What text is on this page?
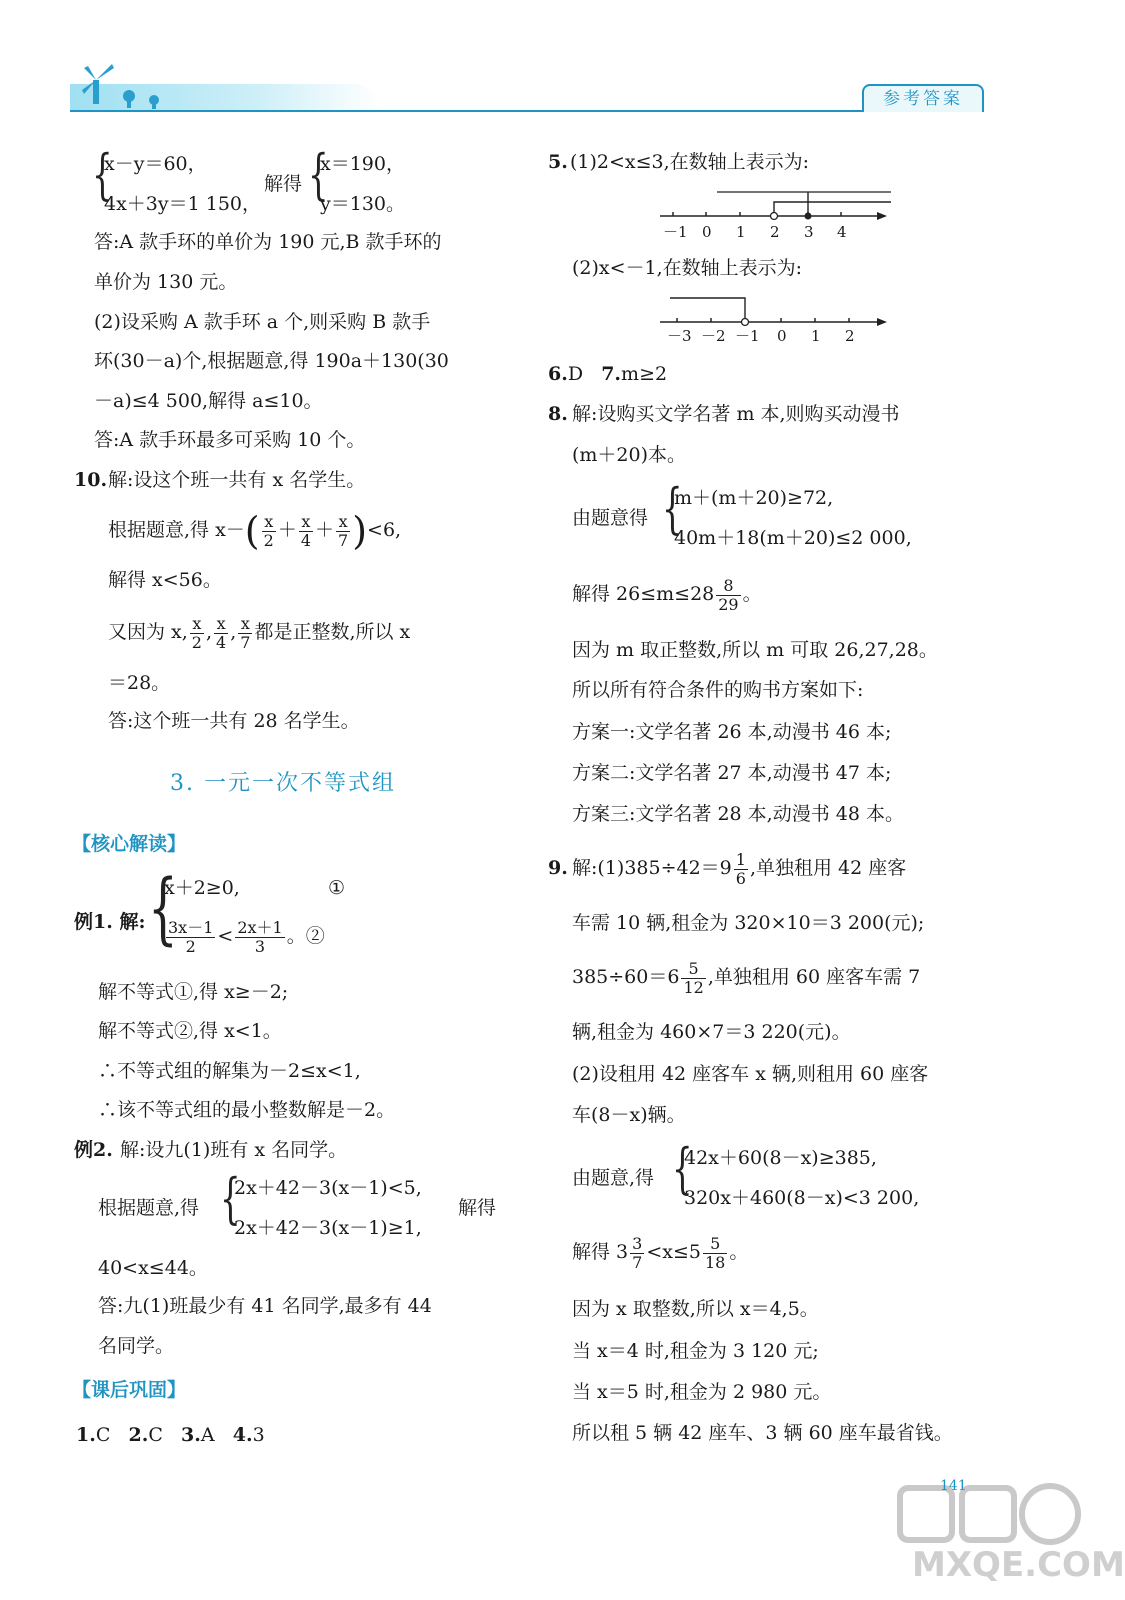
参考答案
{
x－y＝60，
4x＋3y＝1 150，
解得 {
x＝190，
y＝130。
答:A 款手环的单价为 190 元,B 款手环的
单价为 130 元。
(2)设采购 A 款手环 a 个,则采购 B 款手
环(30－a)个,根据题意,得 190a＋130(30
－a)≤4 500,解得 a≤10。
答:A 款手环最多可采购 10 个。
10. 解:设这个班一共有 x 名学生。
根据题意,得 $x-( \frac{x}{2} + \frac{x}{4} + \frac{x}{7} )<6$,
解得 x<56。
又因为 x, $\frac{x}{2}$ , $\frac{x}{4}$ , $\frac{x}{7}$ 都是正整数,所以 x
＝28。
答:这个班一共有 28 名学生。
3. 一元一次不等式组
【核心解读】
例1. 解: {
x＋2≥0,	①
$\frac{3x-1}{2} < \frac{2x+1}{3}$ 。②
解不等式①,得 x≥－2;
解不等式②,得 x<1。
∴不等式组的解集为－2≤x<1,
∴该不等式组的最小整数解是－2。
例2. 解:设九(1)班有 x 名同学。
根据题意,得 {
2x＋42－3(x－1)<5,
2x＋42－3(x－1)≥1,
解得
40<x≤44。
答:九(1)班最少有 41 名同学,最多有 44
名同学。
【课后巩固】
1.C 2.C 3.A 4.3
5. (1)2<x≤3,在数轴上表示为:
－1 0 1 2 3 4
(2)x<－1,在数轴上表示为:
－3 －2 －1 0 1 2
6.D 7.m≥2
8. 解:设购买文学名著 m 本,则购买动漫书
(m＋20)本。
由题意得 {
m＋(m＋20)≥72,
40m＋18(m＋20)≤2 000,
解得 $26\le m\le 28 \frac{8}{29}$ 。
因为 m 取正整数,所以 m 可取 26,27,28。
所以所有符合条件的购书方案如下:
方案一:文学名著 26 本,动漫书 46 本;
方案二:文学名著 27 本,动漫书 47 本;
方案三:文学名著 28 本,动漫书 48 本。
9. 解:(1)385÷42＝9 $\frac{1}{6}$ ,单独租用 42 座客
车需 10 辆,租金为 320×10＝3 200(元);
$385\div 60=6 \frac{5}{12}$ ,单独租用 60 座客车需 7
辆,租金为 460×7＝3 220(元)。
(2)设租用 42 座客车 x 辆,则租用 60 座客
车(8－x)辆。
由题意,得 {
42x＋60(8－x)≥385,
320x＋460(8－x)<3 200,
解得 $3 \frac{3}{7} <x\le 5 \frac{5}{18}$ 。
因为 x 取整数,所以 x＝4,5。
当 x＝4 时,租金为 3 120 元;
当 x＝5 时,租金为 2 980 元。
所以租 5 辆 42 座车、3 辆 60 座车最省钱。
MXQE.COM
141
